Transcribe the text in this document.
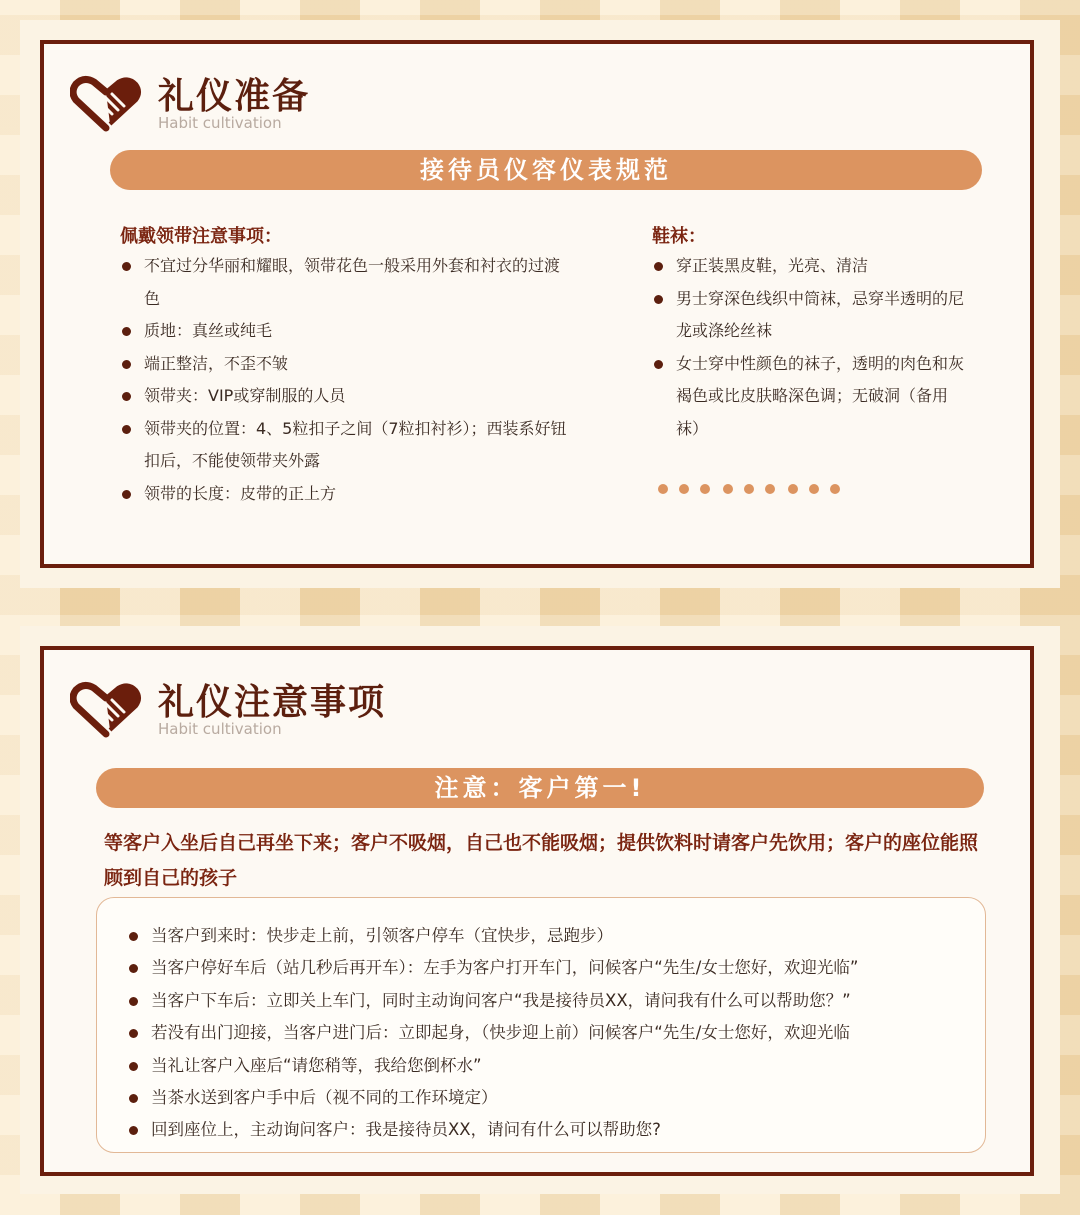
礼仪准备
Habit cultivation
接待员仪容仪表规范
佩戴领带注意事项：
不宜过分华丽和耀眼，领带花色一般采用外套和衬衣的过渡色
质地：真丝或纯毛
端正整洁，不歪不皱
领带夹：VIP或穿制服的人员
领带夹的位置：4、5粒扣子之间（7粒扣衬衫）；西装系好钮扣后，不能使领带夹外露
领带的长度：皮带的正上方
鞋袜：
穿正装黑皮鞋，光亮、清洁
男士穿深色线织中筒袜，忌穿半透明的尼龙或涤纶丝袜
女士穿中性颜色的袜子，透明的肉色和灰褐色或比皮肤略深色调；无破洞（备用袜）
礼仪注意事项
Habit cultivation
注意：客户第一!

等客户入坐后自己再坐下来；客户不吸烟，自己也不能吸烟；提供饮料时请客户先饮用；客户的座位能照顾到自己的孩子

当客户到来时：快步走上前，引领客户停车（宜快步，忌跑步）
当客户停好车后（站几秒后再开车）：左手为客户打开车门，问候客户“先生/女士您好，欢迎光临”
当客户下车后：立即关上车门，同时主动询问客户“我是接待员XX，请问我有什么可以帮助您？”
若没有出门迎接，当客户进门后：立即起身，（快步迎上前）问候客户“先生/女士您好，欢迎光临
当礼让客户入座后“请您稍等，我给您倒杯水”
当茶水送到客户手中后（视不同的工作环境定）
回到座位上，主动询问客户：我是接待员XX，请问有什么可以帮助您?
